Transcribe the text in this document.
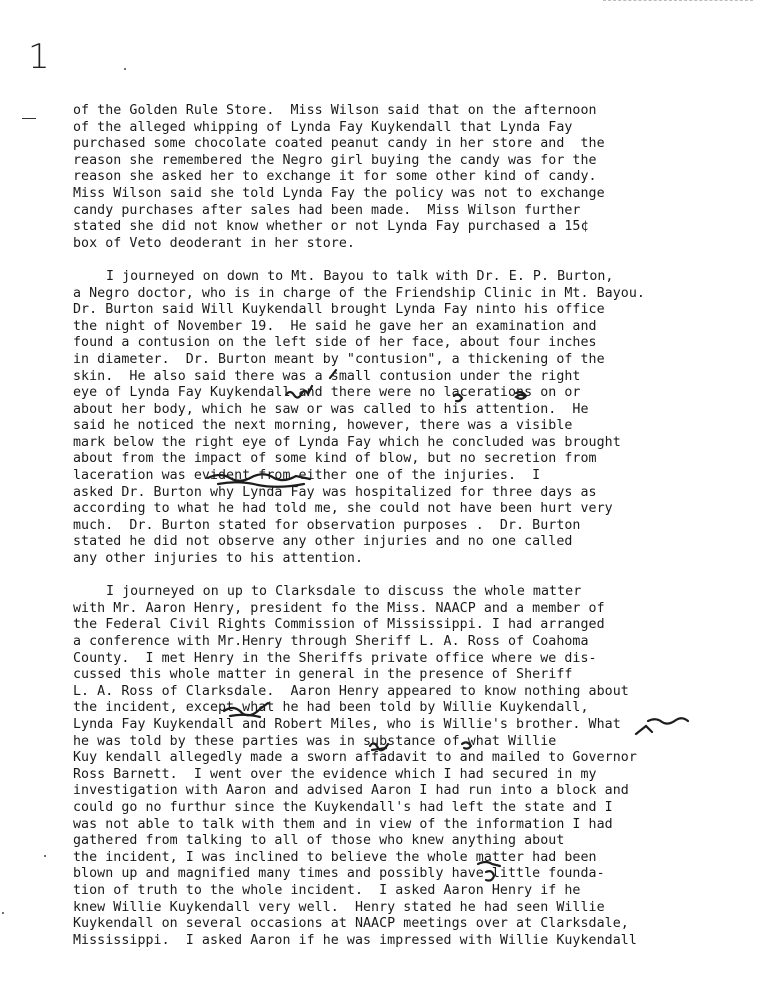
1
of the Golden Rule Store.  Miss Wilson said that on the afternoon
of the alleged whipping of Lynda Fay Kuykendall that Lynda Fay
purchased some chocolate coated peanut candy in her store and  the
reason she remembered the Negro girl buying the candy was for the
reason she asked her to exchange it for some other kind of candy.
Miss Wilson said she told Lynda Fay the policy was not to exchange
candy purchases after sales had been made.  Miss Wilson further
stated she did not know whether or not Lynda Fay purchased a 15¢
box of Veto deoderant in her store.
I journeyed on down to Mt. Bayou to talk with Dr. E. P. Burton,
a Negro doctor, who is in charge of the Friendship Clinic in Mt. Bayou.
Dr. Burton said Will Kuykendall brought Lynda Fay ninto his office
the night of November 19.  He said he gave her an examination and
found a contusion on the left side of her face, about four inches
in diameter.  Dr. Burton meant by "contusion", a thickening of the
skin.  He also said there was a small contusion under the right
eye of Lynda Fay Kuykendall and there were no lacerations on or
about her body, which he saw or was called to his attention.  He
said he noticed the next morning, however, there was a visible
mark below the right eye of Lynda Fay which he concluded was brought
about from the impact of some kind of blow, but no secretion from
laceration was evident from either one of the injuries.  I
asked Dr. Burton why Lynda Fay was hospitalized for three days as
according to what he had told me, she could not have been hurt very
much.  Dr. Burton stated for observation purposes .  Dr. Burton
stated he did not observe any other injuries and no one called
any other injuries to his attention.
I journeyed on up to Clarksdale to discuss the whole matter
with Mr. Aaron Henry, president fo the Miss. NAACP and a member of
the Federal Civil Rights Commission of Mississippi. I had arranged
a conference with Mr.Henry through Sheriff L. A. Ross of Coahoma
County.  I met Henry in the Sheriffs private office where we dis-
cussed this whole matter in general in the presence of Sheriff
L. A. Ross of Clarksdale.  Aaron Henry appeared to know nothing about
the incident, except what he had been told by Willie Kuykendall,
Lynda Fay Kuykendall and Robert Miles, who is Willie's brother. What
he was told by these parties was in substance of what Willie
Kuy kendall allegedly made a sworn affadavit to and mailed to Governor
Ross Barnett.  I went over the evidence which I had secured in my
investigation with Aaron and advised Aaron I had run into a block and
could go no furthur since the Kuykendall's had left the state and I
was not able to talk with them and in view of the information I had
gathered from talking to all of those who knew anything about
the incident, I was inclined to believe the whole matter had been
blown up and magnified many times and possibly have little founda-
tion of truth to the whole incident.  I asked Aaron Henry if he
knew Willie Kuykendall very well.  Henry stated he had seen Willie
Kuykendall on several occasions at NAACP meetings over at Clarksdale,
Mississippi.  I asked Aaron if he was impressed with Willie Kuykendall
